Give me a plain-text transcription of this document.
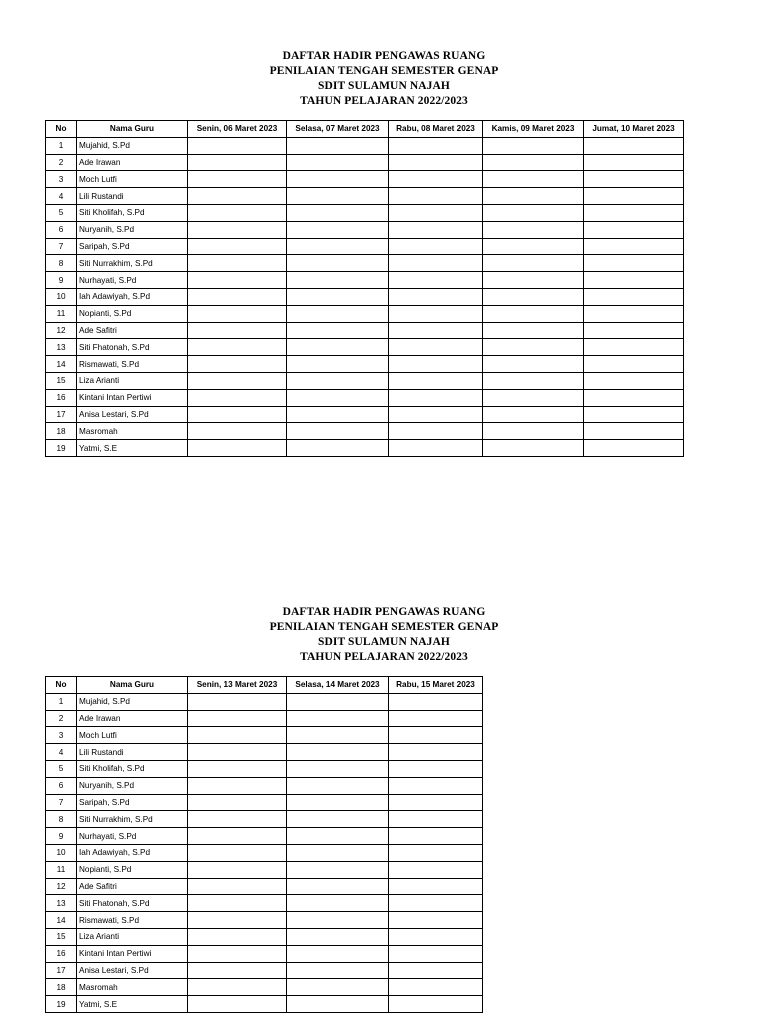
DAFTAR HADIR PENGAWAS RUANG
PENILAIAN TENGAH SEMESTER GENAP
SDIT SULAMUN NAJAH
TAHUN PELAJARAN 2022/2023
No	Nama Guru	Senin, 06 Maret 2023	Selasa, 07 Maret 2023	Rabu, 08 Maret 2023	Kamis, 09 Maret 2023	Jumat, 10 Maret 2023
1	Mujahid, S.Pd					
2	Ade Irawan					
3	Moch Lutfi					
4	Lili Rustandi					
5	Siti Kholifah, S.Pd					
6	Nuryanih, S.Pd					
7	Saripah, S.Pd					
8	Siti Nurrakhim, S.Pd					
9	Nurhayati, S.Pd					
10	Iah Adawiyah, S.Pd					
11	Nopianti, S.Pd					
12	Ade Safitri					
13	Siti Fhatonah, S.Pd					
14	Rismawati, S.Pd					
15	Liza Arianti					
16	Kintani Intan Pertiwi					
17	Anisa Lestari, S.Pd					
18	Masromah					
19	Yatmi, S.E					
DAFTAR HADIR PENGAWAS RUANG
PENILAIAN TENGAH SEMESTER GENAP
SDIT SULAMUN NAJAH
TAHUN PELAJARAN 2022/2023
No	Nama Guru	Senin, 13 Maret 2023	Selasa, 14 Maret 2023	Rabu, 15 Maret 2023
1	Mujahid, S.Pd			
2	Ade Irawan			
3	Moch Lutfi			
4	Lili Rustandi			
5	Siti Kholifah, S.Pd			
6	Nuryanih, S.Pd			
7	Saripah, S.Pd			
8	Siti Nurrakhim, S.Pd			
9	Nurhayati, S.Pd			
10	Iah Adawiyah, S.Pd			
11	Nopianti, S.Pd			
12	Ade Safitri			
13	Siti Fhatonah, S.Pd			
14	Rismawati, S.Pd			
15	Liza Arianti			
16	Kintani Intan Pertiwi			
17	Anisa Lestari, S.Pd			
18	Masromah			
19	Yatmi, S.E			
